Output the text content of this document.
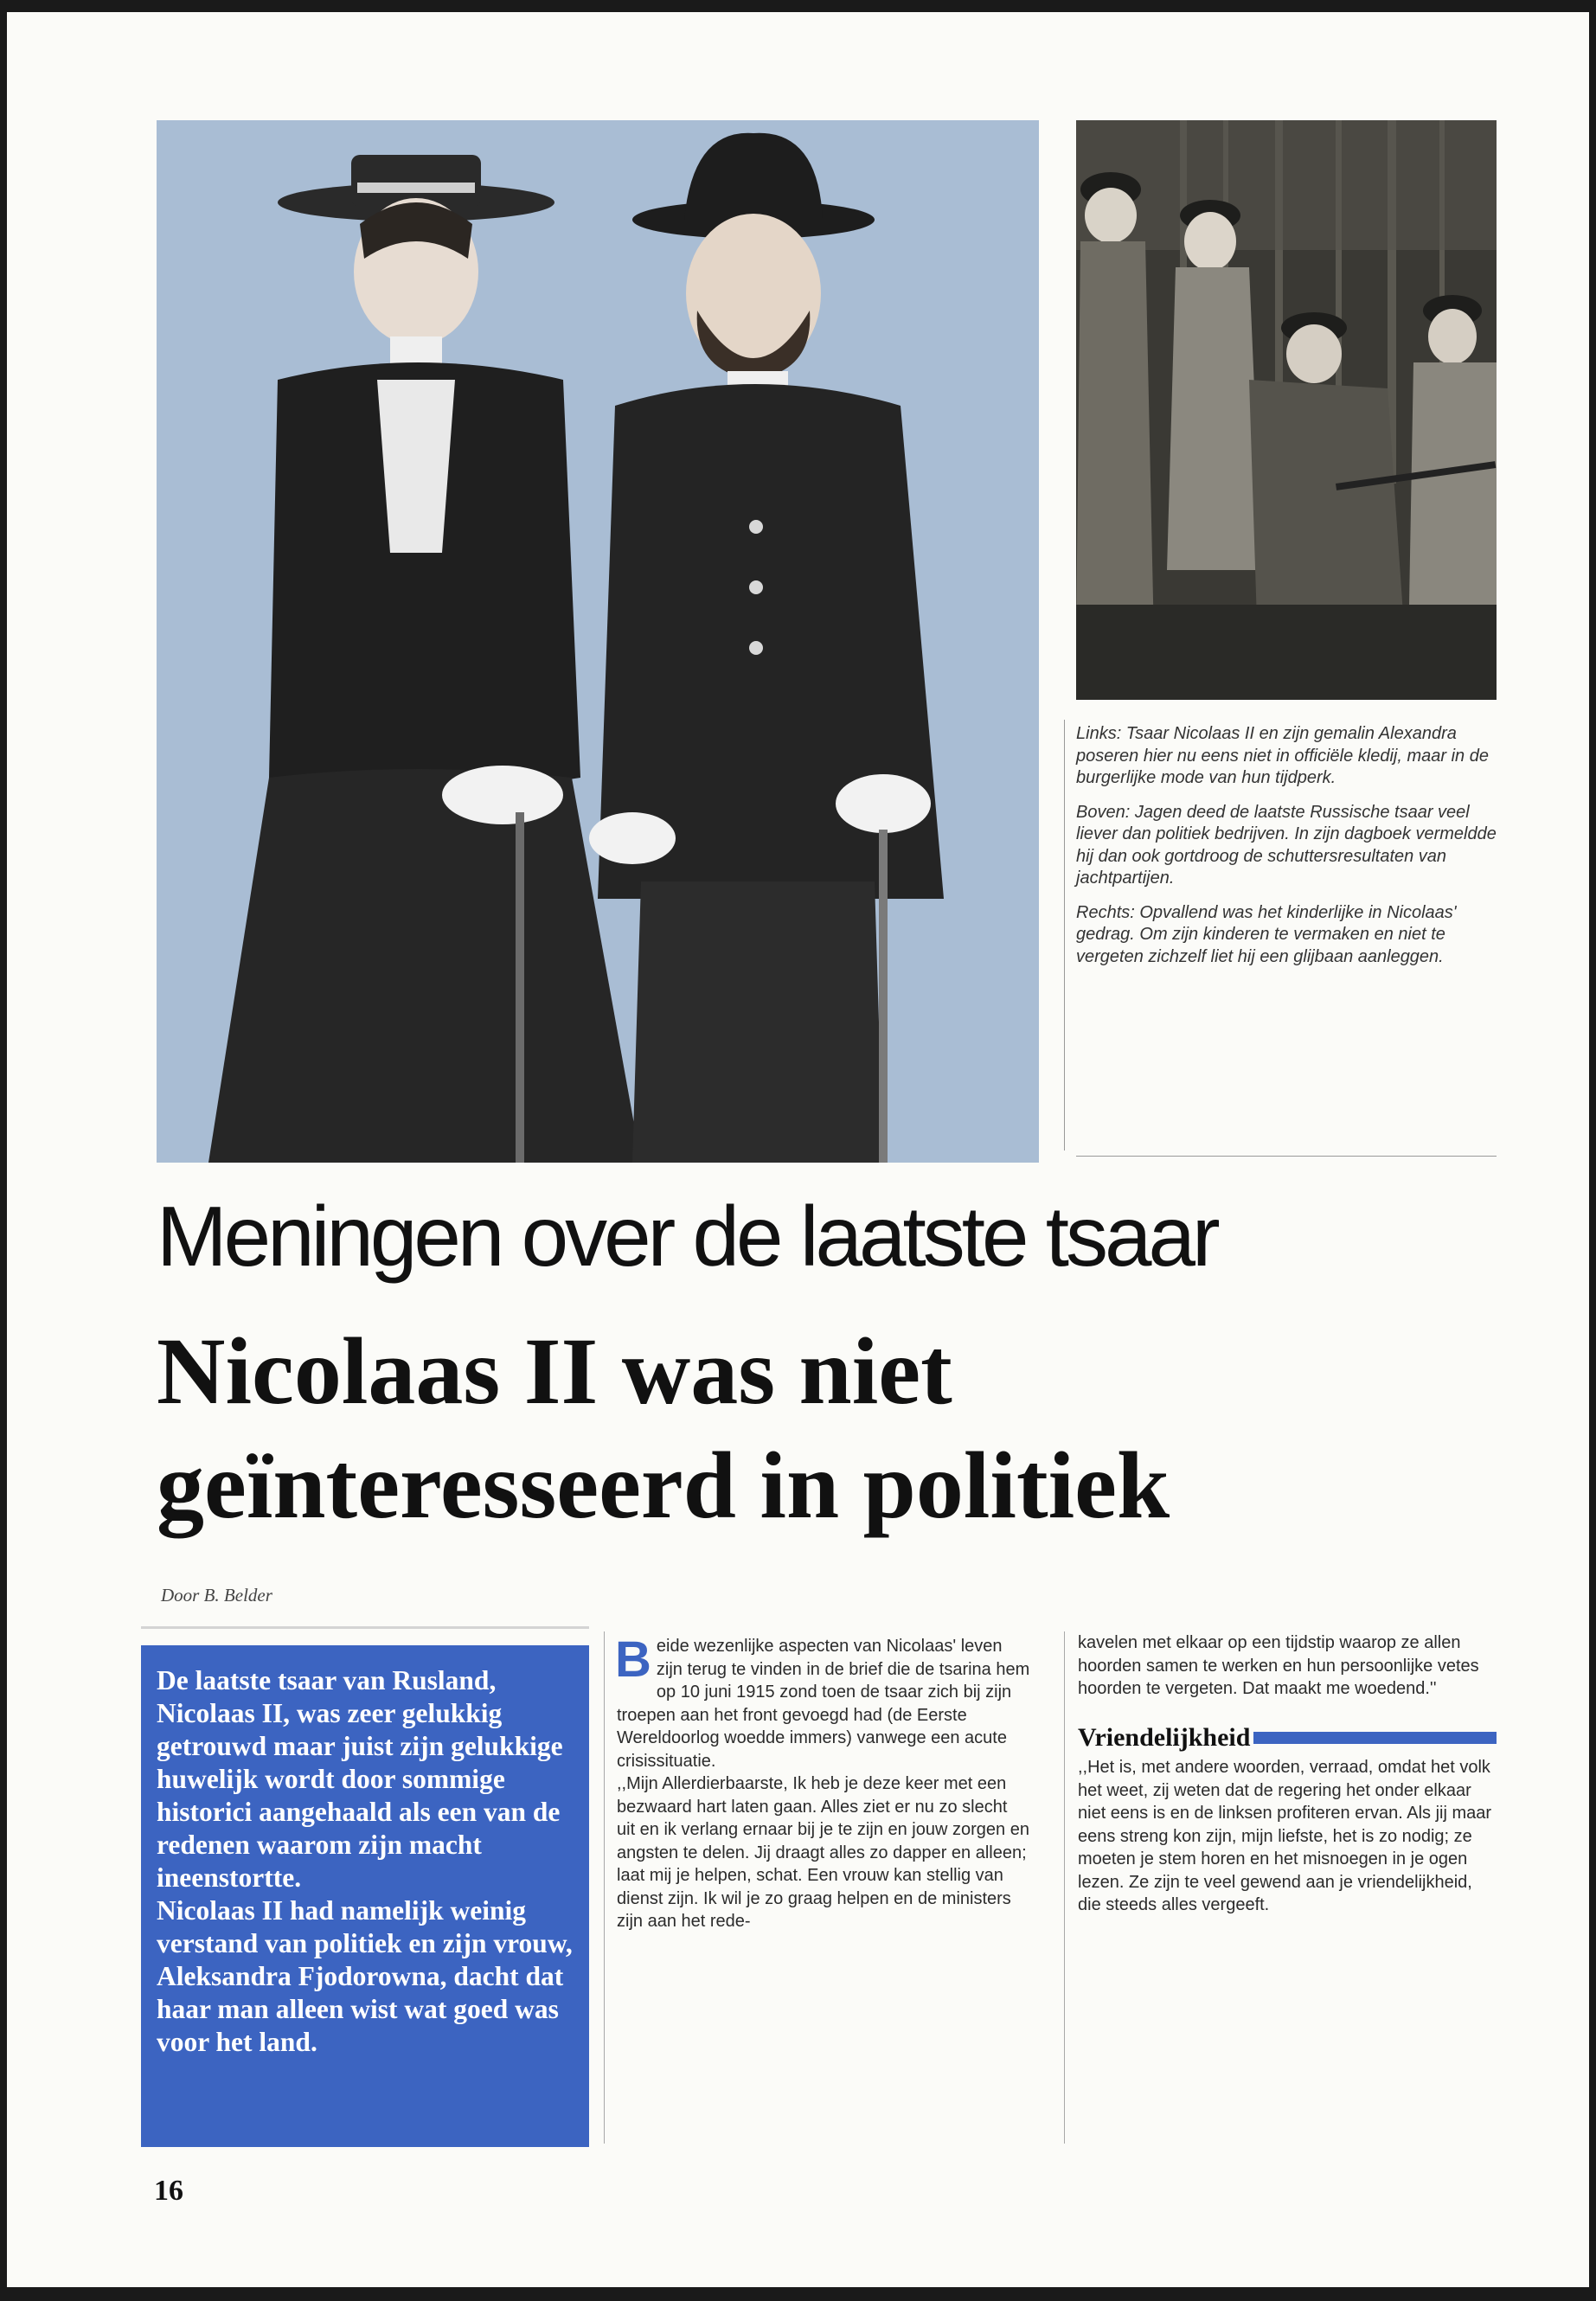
Links: Tsaar Nicolaas II en zijn gemalin Alexandra poseren hier nu eens niet in officiële kledij, maar in de burgerlijke mode van hun tijdperk.

Boven: Jagen deed de laatste Russische tsaar veel liever dan politiek bedrijven. In zijn dagboek vermeldde hij dan ook gortdroog de schuttersresultaten van jachtpartijen.

Rechts: Opvallend was het kinderlijke in Nicolaas' gedrag. Om zijn kinderen te vermaken en niet te vergeten zichzelf liet hij een glijbaan aanleggen.

Meningen over de laatste tsaar
Nicolaas II was niet
geïnteresseerd in politiek
Door B. Belder

De laatste tsaar van Rusland, Nicolaas II, was zeer gelukkig getrouwd maar juist zijn gelukkige huwelijk wordt door sommige historici aangehaald als een van de redenen waarom zijn macht ineenstortte.

Nicolaas II had namelijk weinig verstand van politiek en zijn vrouw, Aleksandra Fjodorowna, dacht dat haar man alleen wist wat goed was voor het land.

B eide wezenlijke aspecten van Nicolaas' leven zijn terug te vinden in de brief die de tsarina hem op 10 juni 1915 zond toen de tsaar zich bij zijn troepen aan het front gevoegd had (de Eerste Wereldoorlog woedde immers) vanwege een acute crisissituatie.

,,Mijn Allerdierbaarste, Ik heb je deze keer met een bezwaard hart laten gaan. Alles ziet er nu zo slecht uit en ik verlang ernaar bij je te zijn en jouw zorgen en angsten te delen. Jij draagt alles zo dapper en alleen; laat mij je helpen, schat. Een vrouw kan stellig van dienst zijn. Ik wil je zo graag helpen en de ministers zijn aan het rede-

kavelen met elkaar op een tijdstip waarop ze allen hoorden samen te werken en hun persoonlijke vetes hoorden te vergeten. Dat maakt me woedend.''

Vriendelijkheid

,,Het is, met andere woorden, verraad, omdat het volk het weet, zij weten dat de regering het onder elkaar niet eens is en de linksen profiteren ervan. Als jij maar eens streng kon zijn, mijn liefste, het is zo nodig; ze moeten je stem horen en het misnoegen in je ogen lezen. Ze zijn te veel gewend aan je vriendelijkheid, die steeds alles vergeeft.

16
